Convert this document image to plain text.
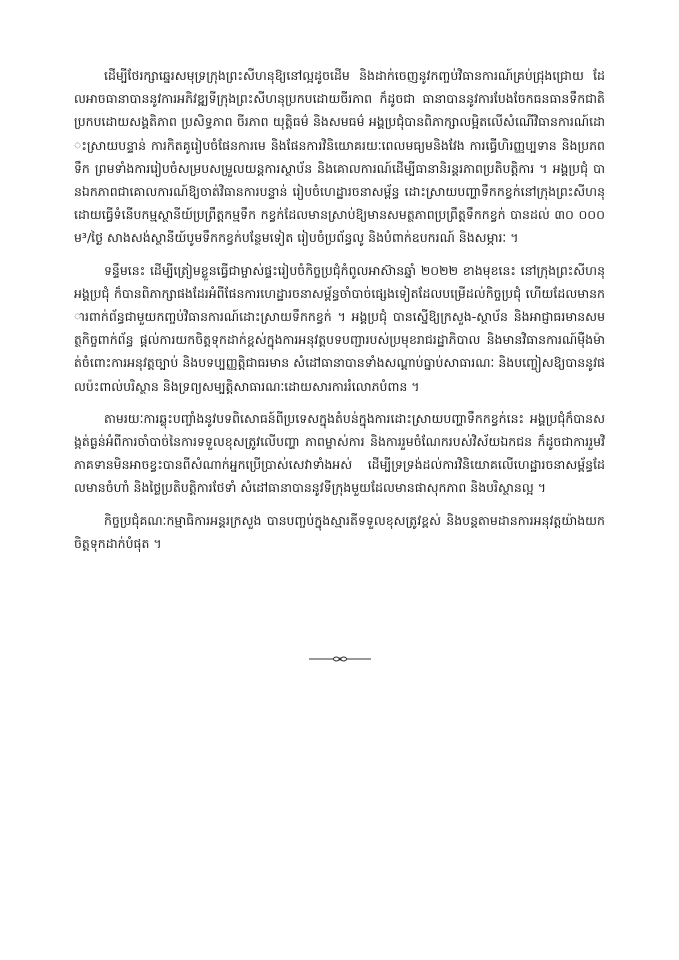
ដើម្បីថែរក្សាឆ្នេរសមុទ្រក្រុងព្រះសីហនុឱ្យនៅល្អដូចដើម និងដាក់ចេញនូវកញ្ចប់វិធានការណ៍គ្រប់ជ្រុងជ្រោយ ដែលអាចធានាបាននូវការអភិវឌ្ឍទីក្រុងព្រះសីហនុប្រកបដោយចីរភាព ក៏ដូចជា ធានាបាននូវការបែងចែកធនធានទឹកជាតិប្រកបដោយសង្គតិភាព ប្រសិទ្ធភាព ចីរភាព យុត្តិធម៌ និងសមធម៌ អង្គប្រជុំបានពិភាក្សាលម្អិតលើសំណើវិធានការណ៍ដោះស្រាយបន្ទាន់ ការកិតគូរៀបចំផែនការមេ និងផែនការវិនិយោគរយៈពេលមធ្យមនិងវែង ការធ្វើហិរញ្ញប្បទាន និងប្រភពទឹក ព្រមទាំងការរៀបចំសម្របសម្រួលយន្តការស្ថាប័ន និងគោលការណ៍ដើម្បីធានានិរន្តរភាពប្រតិបត្តិការ ។ អង្គប្រជុំ បានឯកភាពជាគោលការណ៍ឱ្យចាត់វិធានការបន្ទាន់ រៀបចំហេដ្ឋារចនាសម្ព័ន្ធ ដោះស្រាយបញ្ហាទឹកកខ្វក់នៅក្រុងព្រះសីហនុ ដោយធ្វើទំនើបកម្មស្ថានីយ៍ប្រព្រឹត្តកម្មទឹក កខ្វក់ដែលមានស្រាប់ឱ្យមានសមត្ថភាពប្រព្រឹត្តទឹកកខ្វក់ បានដល់ ៣០ ០០០ ម³/ថ្ងៃ សាងសង់ស្ថានីយ៍បូមទឹកកខ្វក់បន្ថែមទៀត រៀបចំប្រព័ន្ធលូ និងបំពាក់ឧបករណ៍ និងសម្ភារៈ ។

ទន្ទឹមនេះ ដើម្បីត្រៀមខ្លួនធ្វើជាម្ចាស់ផ្ទះរៀបចំកិច្ចប្រជុំកំពូលអាស៊ានឆ្នាំ ២០២២ ខាងមុខនេះ នៅក្រុងព្រះសីហនុ អង្គប្រជុំ ក៏បានពិភាក្សាផងដែរអំពីផែនការហេដ្ឋារចនាសម្ព័ន្ធចាំបាច់ផ្សេងទៀតដែលបម្រើដល់កិច្ចប្រជុំ ហើយដែលមានការពាក់ព័ន្ធជាមួយកញ្ចប់វិធានការណ៍ដោះស្រាយទឹកកខ្វក់ ។ អង្គប្រជុំ បានស្នើឱ្យក្រសួង-ស្ថាប័ន និងអាជ្ញាធរមានសមត្ថកិច្ចពាក់ព័ន្ធ ផ្តល់ការយកចិត្តទុកដាក់ខ្ពស់ក្នុងការអនុវត្តបទបញ្ជារបស់ប្រមុខរាជរដ្ឋាភិបាល និងមានវិធានការណ៍ម៉ឺងម៉ាត់ចំពោះការអនុវត្តច្បាប់ និងបទប្បញ្ញត្តិជាធរមាន សំដៅធានាបានទាំងសណ្តាប់ធ្នាប់សាធារណៈ និងបញ្ចៀសឱ្យបាននូវផលប៉ះពាល់បរិស្ថាន និងទ្រព្យសម្បត្តិសាធារណៈដោយសារការរំលោភបំពាន ។

តាមរយៈការឆ្លុះបញ្ចាំងនូវបទពិសោធន៍ពីប្រទេសក្នុងតំបន់ក្នុងការដោះស្រាយបញ្ហាទឹកកខ្វក់នេះ អង្គប្រជុំក៏បានសង្កត់ធ្ងន់អំពីការចាំបាច់នៃការទទួលខុសត្រូវលើបញ្ហា ភាពម្ចាស់ការ និងការរួមចំណែករបស់វិស័យឯកជន ក៏ដូចជាការរួមវិភាគទានមិនអាចខ្វះបានពីសំណាក់អ្នកប្រើប្រាស់សេវាទាំងអស់ ដើម្បីទ្រទ្រង់ដល់ការវិនិយោគលើហេដ្ឋារចនាសម្ព័ន្ធដែលមានចំហាំ និងថ្លៃប្រតិបត្តិការថែទាំ សំដៅធានាបាននូវទីក្រុងមួយដែលមានផាសុកភាព និងបរិស្ថានល្អ ។

កិច្ចប្រជុំគណៈកម្មាធិការអន្តរក្រសួង បានបញ្ចប់ក្នុងស្មារតីទទួលខុសត្រូវខ្ពស់ និងបន្តតាមដានការអនុវត្តយ៉ាងយកចិត្តទុកដាក់បំផុត ។
